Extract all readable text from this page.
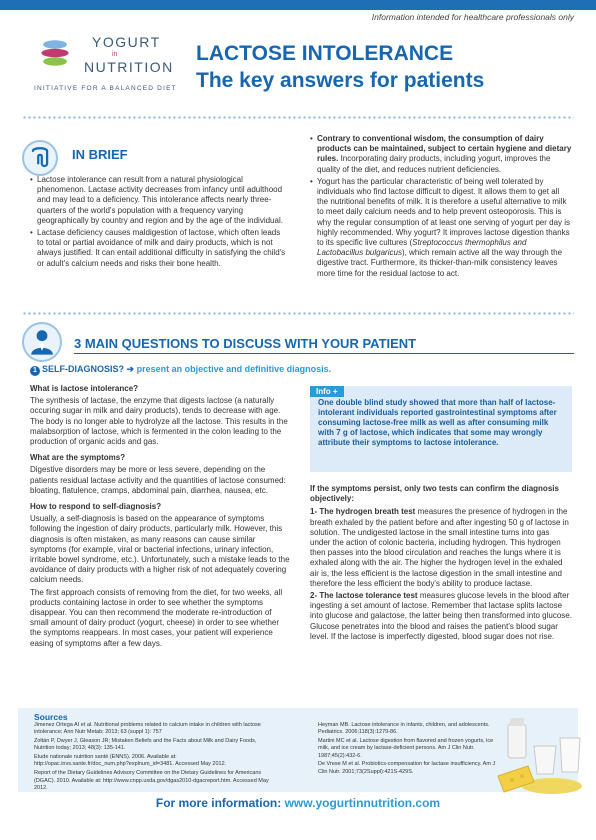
Information intended for healthcare professionals only
YOGURT
in
NUTRITION
INITIATIVE FOR A BALANCED DIET
LACTOSE INTOLERANCE
The key answers for patients
IN BRIEF

• Lactose intolerance can result from a natural physiological phenomenon. Lactase activity decreases from infancy until adulthood and may lead to a deficiency. This intolerance affects nearly three-quarters of the world's population with a frequency varying geographically by country and region and by the age of the individual.

• Lactase deficiency causes maldigestion of lactose, which often leads to total or partial avoidance of milk and dairy products, which is not always justified. It can entail additional difficulty in satisfying the child's or adult's calcium needs and risks their bone health.

• Contrary to conventional wisdom, the consumption of dairy products can be maintained, subject to certain hygiene and dietary rules. Incorporating dairy products, including yogurt, improves the quality of the diet, and reduces nutrient deficiencies.

• Yogurt has the particular characteristic of being well tolerated by individuals who find lactose difficult to digest. It allows them to get all the nutritional benefits of milk. It is therefore a useful alternative to milk to meet daily calcium needs and to help prevent osteoporosis. This is why the regular consumption of at least one serving of yogurt per day is highly recommended. Why yogurt? It improves lactose digestion thanks to its specific live cultures (Streptococcus thermophilus and Lactobacillus bulgaricus), which remain active all the way through the digestive tract. Furthermore, its thicker-than-milk consistency leaves more time for the residual lactose to act.

3 MAIN QUESTIONS TO DISCUSS WITH YOUR PATIENT
1 SELF-DIAGNOSIS? ➔ present an objective and definitive diagnosis.

What is lactose intolerance?

The synthesis of lactase, the enzyme that digests lactose (a naturally occuring sugar in milk and dairy products), tends to decrease with age. The body is no longer able to hydrolyze all the lactose. This results in the malabsorption of lactose, which is fermented in the colon leading to the production of organic acids and gas.

What are the symptoms?

Digestive disorders may be more or less severe, depending on the patients residual lactase activity and the quantities of lactose consumed: bloating, flatulence, cramps, abdominal pain, diarrhea, nausea, etc.

How to respond to self-diagnosis?

Usually, a self-diagnosis is based on the appearance of symptoms following the ingestion of dairy products, particularly milk. However, this diagnosis is often mistaken, as many reasons can cause similar symptoms (for example, viral or bacterial infections, urinary infection, irritable bowel syndrome, etc.). Unfortunately, such a mistake leads to the avoidance of dairy products with a higher risk of not adequately covering calcium needs.

The first approach consists of removing from the diet, for two weeks, all products containing lactose in order to see whether the symptoms disappear. You can then recommend the moderate re-introduction of small amount of dairy product (yogurt, cheese) in order to see whether the symptoms reappears. In most cases, your patient will experience easing of symptoms after a few days.

Info +
One double blind study showed that more than half of lactose-intolerant individuals reported gastrointestinal symptoms after consuming lactose-free milk as well as after consuming milk with 7 g of lactose, which indicates that some may wrongly attribute their symptoms to lactose intolerance.

If the symptoms persist, only two tests can confirm the diagnosis objectively:

1- The hydrogen breath test measures the presence of hydrogen in the breath exhaled by the patient before and after ingesting 50 g of lactose in solution. The undigested lactose in the small intestine turns into gas under the action of colonic bacteria, including hydrogen. This hydrogen then passes into the blood circulation and reaches the lungs where it is exhaled along with the air. The higher the hydrogen level in the exhaled air is, the less efficient is the lactose digestion in the small intestine and therefore the less efficient the body's ability to produce lactase.

2- The lactose tolerance test measures glucose levels in the blood after ingesting a set amount of lactose. Remember that lactase splits lactose into glucose and galactose, the latter being then transformed into glucose. Glucose penetrates into the blood and raises the patient's blood sugar level. If the lactose is imperfectly digested, blood sugar does not rise.

Sources

Jimenez Ortega AI et al. Nutritional problems related to calcium intake in children with lactose intolerance; Ann Nutr Metab; 2013; 63 (suppl 1): 757

Zoltán P, Dwyer J, Gleason JR; Mistaken Beliefs and the Facts about Milk and Dairy Foods, Nutrition today; 2013; 48(3): 135-141.

Etude nationale nutrition santé (ENNS). 2006. Available at: http://opac.invs.sante.fr/doc_num.php?explnum_id=3481. Accessed May 2012.

Report of the Dietary Guidelines Advisory Committee on the Dietary Guidelines for Americans (DGAC). 2010. Available at: http://www.cnpp.usda.gov/dgas2010-dgacreport.htm. Accessed May 2012.

Heyman MB. Lactose intolerance in infants, children, and adolescents. Pediatrics. 2006;118(3):1279-86.

Martini MC et al. Lactose digestion from flavored and frozen yogurts, ice milk, and ice cream by lactase-deficient persons. Am J Clin Nutr. 1987;45(2):432-6.

De Vrese M et al. Probiotics-compensation for lactase insufficiency. Am J Clin Nutr. 2001;73(2Suppl):421S-429S.

For more information: www.yogurtinnutrition.com
